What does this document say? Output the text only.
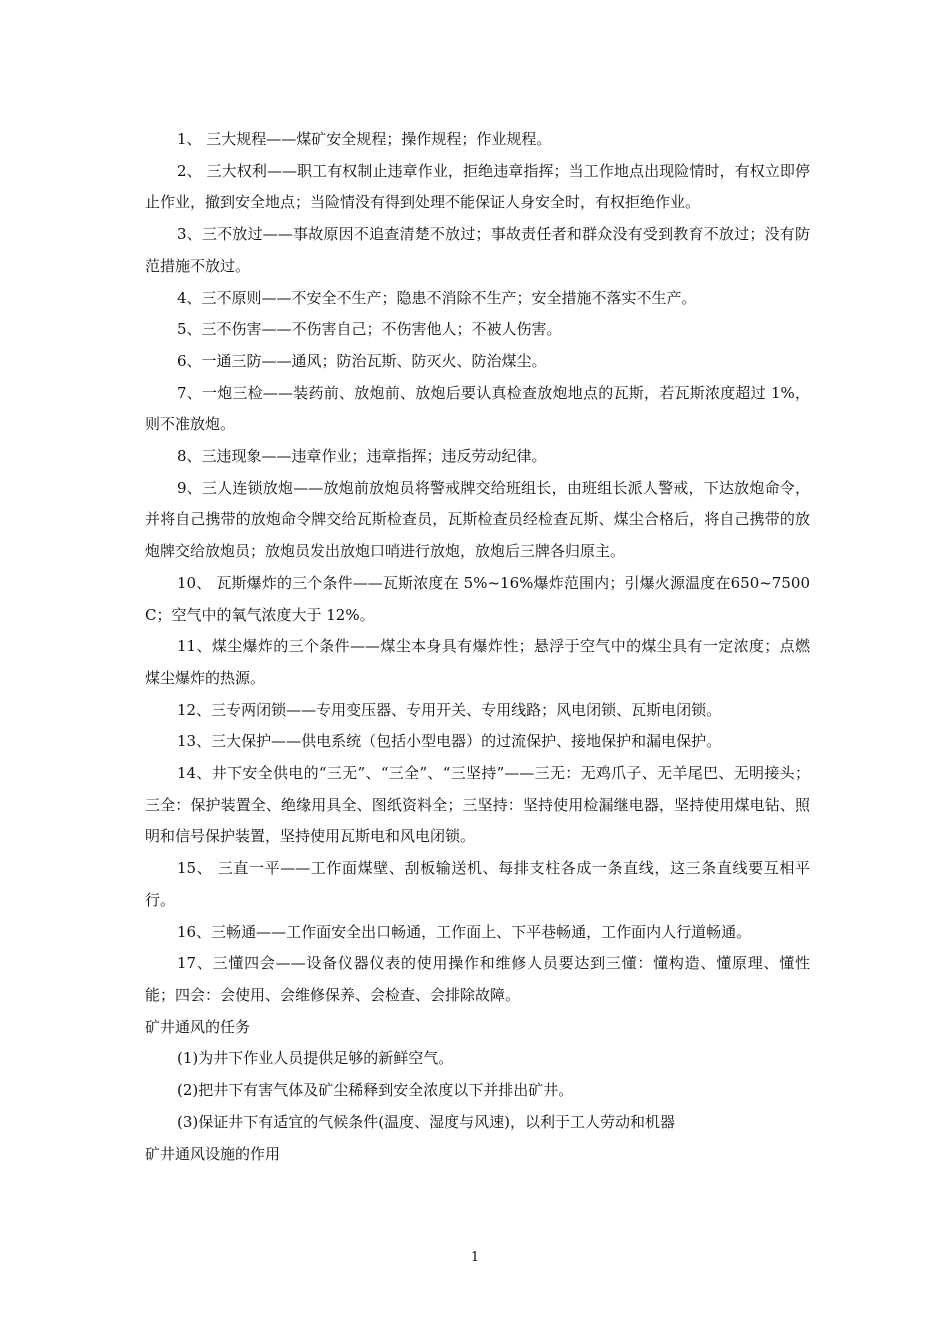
1、 三大规程——煤矿安全规程；操作规程；作业规程。

2、 三大权利——职工有权制止违章作业，拒绝违章指挥；当工作地点出现险情时，有权立即停止作业，撤到安全地点；当险情没有得到处理不能保证人身安全时，有权拒绝作业。

3、三不放过——事故原因不追查清楚不放过；事故责任者和群众没有受到教育不放过；没有防范措施不放过。

4、三不原则——不安全不生产；隐患不消除不生产；安全措施不落实不生产。

5、三不伤害——不伤害自己；不伤害他人；不被人伤害。

6、一通三防——通风；防治瓦斯、防灭火、防治煤尘。

7、一炮三检——装药前、放炮前、放炮后要认真检查放炮地点的瓦斯，若瓦斯浓度超过 1%，则不准放炮。

8、三违现象——违章作业；违章指挥；违反劳动纪律。

9、三人连锁放炮——放炮前放炮员将警戒牌交给班组长，由班组长派人警戒，下达放炮命令，并将自己携带的放炮命令牌交给瓦斯检查员，瓦斯检查员经检查瓦斯、煤尘合格后，将自己携带的放炮牌交给放炮员；放炮员发出放炮口哨进行放炮，放炮后三牌各归原主。

10、 瓦斯爆炸的三个条件——瓦斯浓度在 5%~16%爆炸范围内；引爆火源温度在650~7500C；空气中的氧气浓度大于 12%。

11、煤尘爆炸的三个条件——煤尘本身具有爆炸性；悬浮于空气中的煤尘具有一定浓度；点燃煤尘爆炸的热源。

12、三专两闭锁——专用变压器、专用开关、专用线路；风电闭锁、瓦斯电闭锁。

13、三大保护——供电系统（包括小型电器）的过流保护、接地保护和漏电保护。

14、井下安全供电的“三无”、“三全”、“三坚持”——三无：无鸡爪子、无羊尾巴、无明接头；三全：保护装置全、绝缘用具全、图纸资料全；三坚持：坚持使用检漏继电器，坚持使用煤电钻、照明和信号保护装置，坚持使用瓦斯电和风电闭锁。

15、 三直一平——工作面煤壁、刮板输送机、每排支柱各成一条直线，这三条直线要互相平行。

16、三畅通——工作面安全出口畅通，工作面上、下平巷畅通，工作面内人行道畅通。

17、三懂四会——设备仪器仪表的使用操作和维修人员要达到三懂：懂构造、懂原理、懂性能；四会：会使用、会维修保养、会检查、会排除故障。

矿井通风的任务

(1)为井下作业人员提供足够的新鲜空气。

(2)把井下有害气体及矿尘稀释到安全浓度以下并排出矿井。

(3)保证井下有适宜的气候条件(温度、湿度与风速)，以利于工人劳动和机器

矿井通风设施的作用

1
